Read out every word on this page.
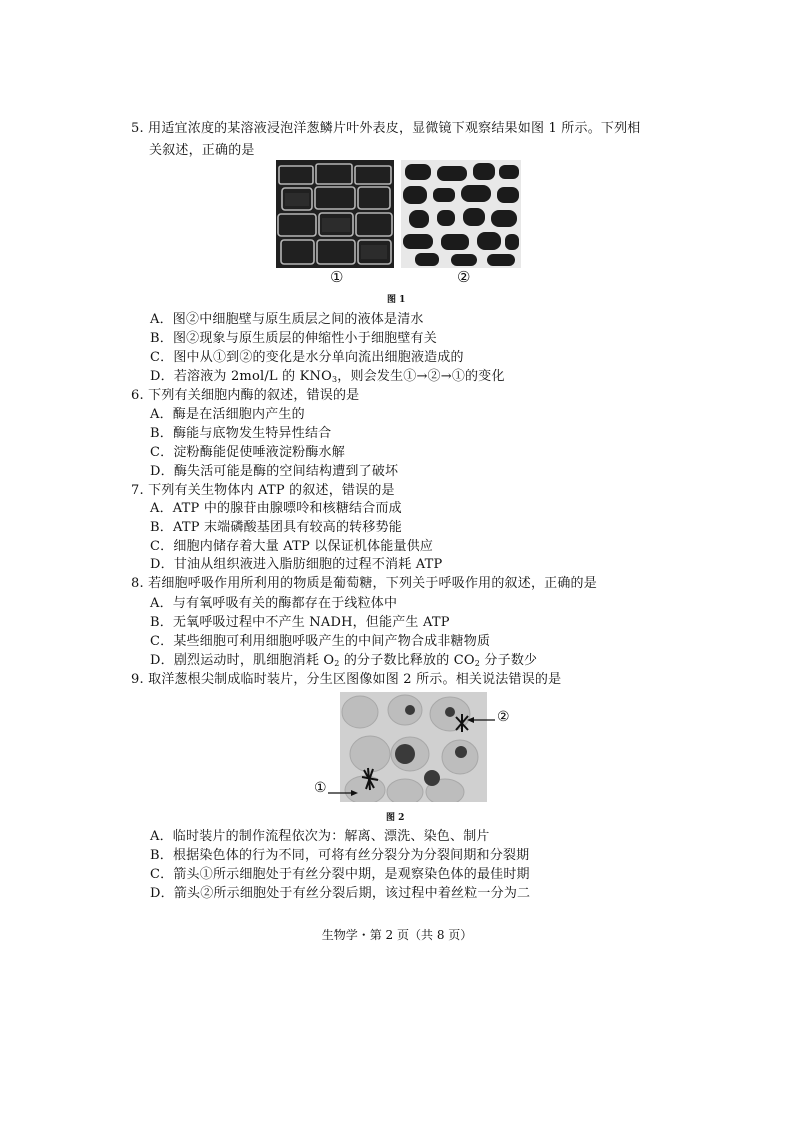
5. 用适宜浓度的某溶液浸泡洋葱鳞片叶外表皮，显微镜下观察结果如图 1 所示。下列相
关叙述，正确的是
①	②
图 1
A．图②中细胞壁与原生质层之间的液体是清水
B．图②现象与原生质层的伸缩性小于细胞壁有关
C．图中从①到②的变化是水分单向流出细胞液造成的
D．若溶液为 2mol/L 的 $KNO_3$，则会发生①→②→①的变化
6. 下列有关细胞内酶的叙述，错误的是
A．酶是在活细胞内产生的
B．酶能与底物发生特异性结合
C．淀粉酶能促使唾液淀粉酶水解
D．酶失活可能是酶的空间结构遭到了破坏
7. 下列有关生物体内 ATP 的叙述，错误的是
A．ATP 中的腺苷由腺嘌呤和核糖结合而成
B．ATP 末端磷酸基团具有较高的转移势能
C．细胞内储存着大量 ATP 以保证机体能量供应
D．甘油从组织液进入脂肪细胞的过程不消耗 ATP
8. 若细胞呼吸作用所利用的物质是葡萄糖，下列关于呼吸作用的叙述，正确的是
A．与有氧呼吸有关的酶都存在于线粒体中
B．无氧呼吸过程中不产生 NADH，但能产生 ATP
C．某些细胞可利用细胞呼吸产生的中间产物合成非糖物质
D．剧烈运动时，肌细胞消耗 $O_2$ 的分子数比释放的 $CO_2$ 分子数少
9. 取洋葱根尖制成临时装片，分生区图像如图 2 所示。相关说法错误的是
①
②
图 2
A．临时装片的制作流程依次为：解离、漂洗、染色、制片
B．根据染色体的行为不同，可将有丝分裂分为分裂间期和分裂期
C．箭头①所示细胞处于有丝分裂中期，是观察染色体的最佳时期
D．箭头②所示细胞处于有丝分裂后期，该过程中着丝粒一分为二
生物学・第 2 页（共 8 页）
